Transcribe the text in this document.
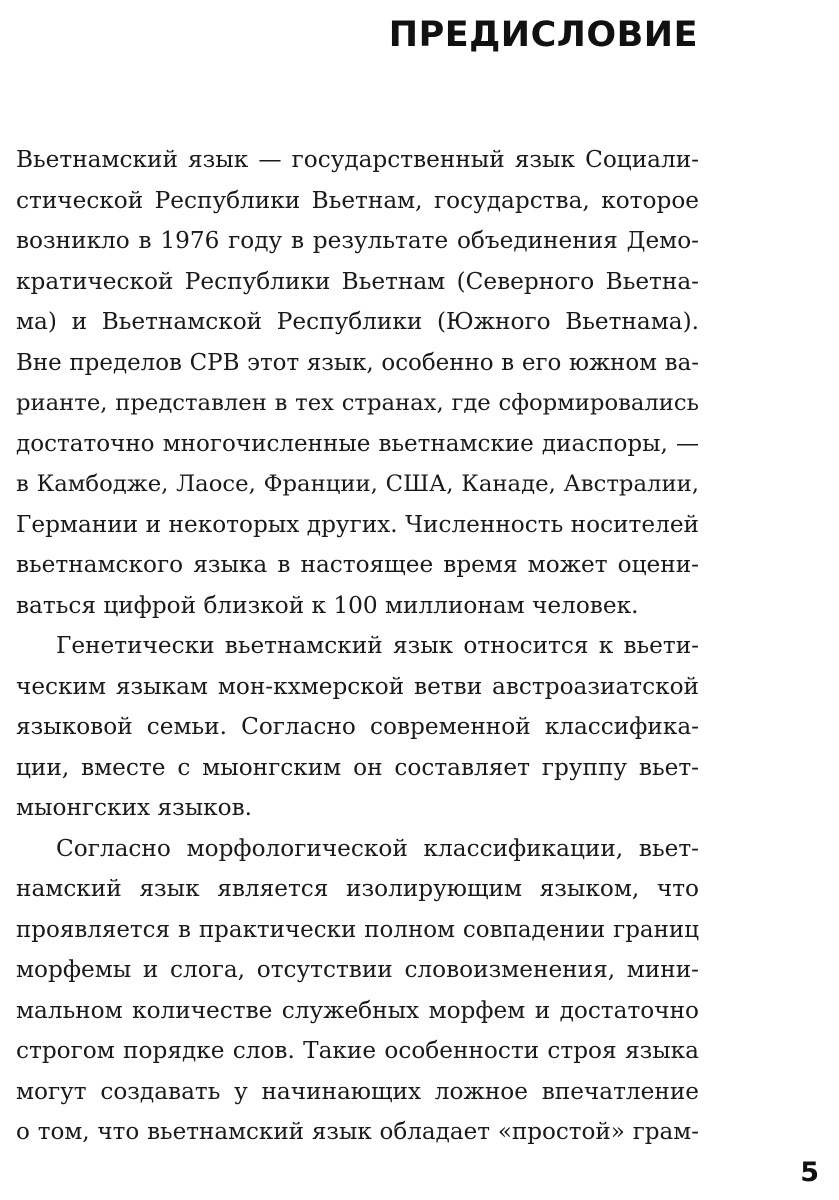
ПРЕДИСЛОВИЕ
Вьетнамский язык — государственный язык Социали-
стической Республики Вьетнам, государства, которое
возникло в 1976 году в результате объединения Демо-
кратической Республики Вьетнам (Северного Вьетна-
ма) и Вьетнамской Республики (Южного Вьетнама).
Вне пределов СРВ этот язык, особенно в его южном ва-
рианте, представлен в тех странах, где сформировались
достаточно многочисленные вьетнамские диаспоры, —
в Камбодже, Лаосе, Франции, США, Канаде, Австралии,
Германии и некоторых других. Численность носителей
вьетнамского языка в настоящее время может оцени-
ваться цифрой близкой к 100 миллионам человек.
Генетически вьетнамский язык относится к вьети-
ческим языкам мон-кхмерской ветви австроазиатской
языковой семьи. Согласно современной классифика-
ции, вместе с мыонгским он составляет группу вьет-
мыонгских языков.
Согласно морфологической классификации, вьет-
намский язык является изолирующим языком, что
проявляется в практически полном совпадении границ
морфемы и слога, отсутствии словоизменения, мини-
мальном количестве служебных морфем и достаточно
строгом порядке слов. Такие особенности строя языка
могут создавать у начинающих ложное впечатление
о том, что вьетнамский язык обладает «простой» грам-
5
